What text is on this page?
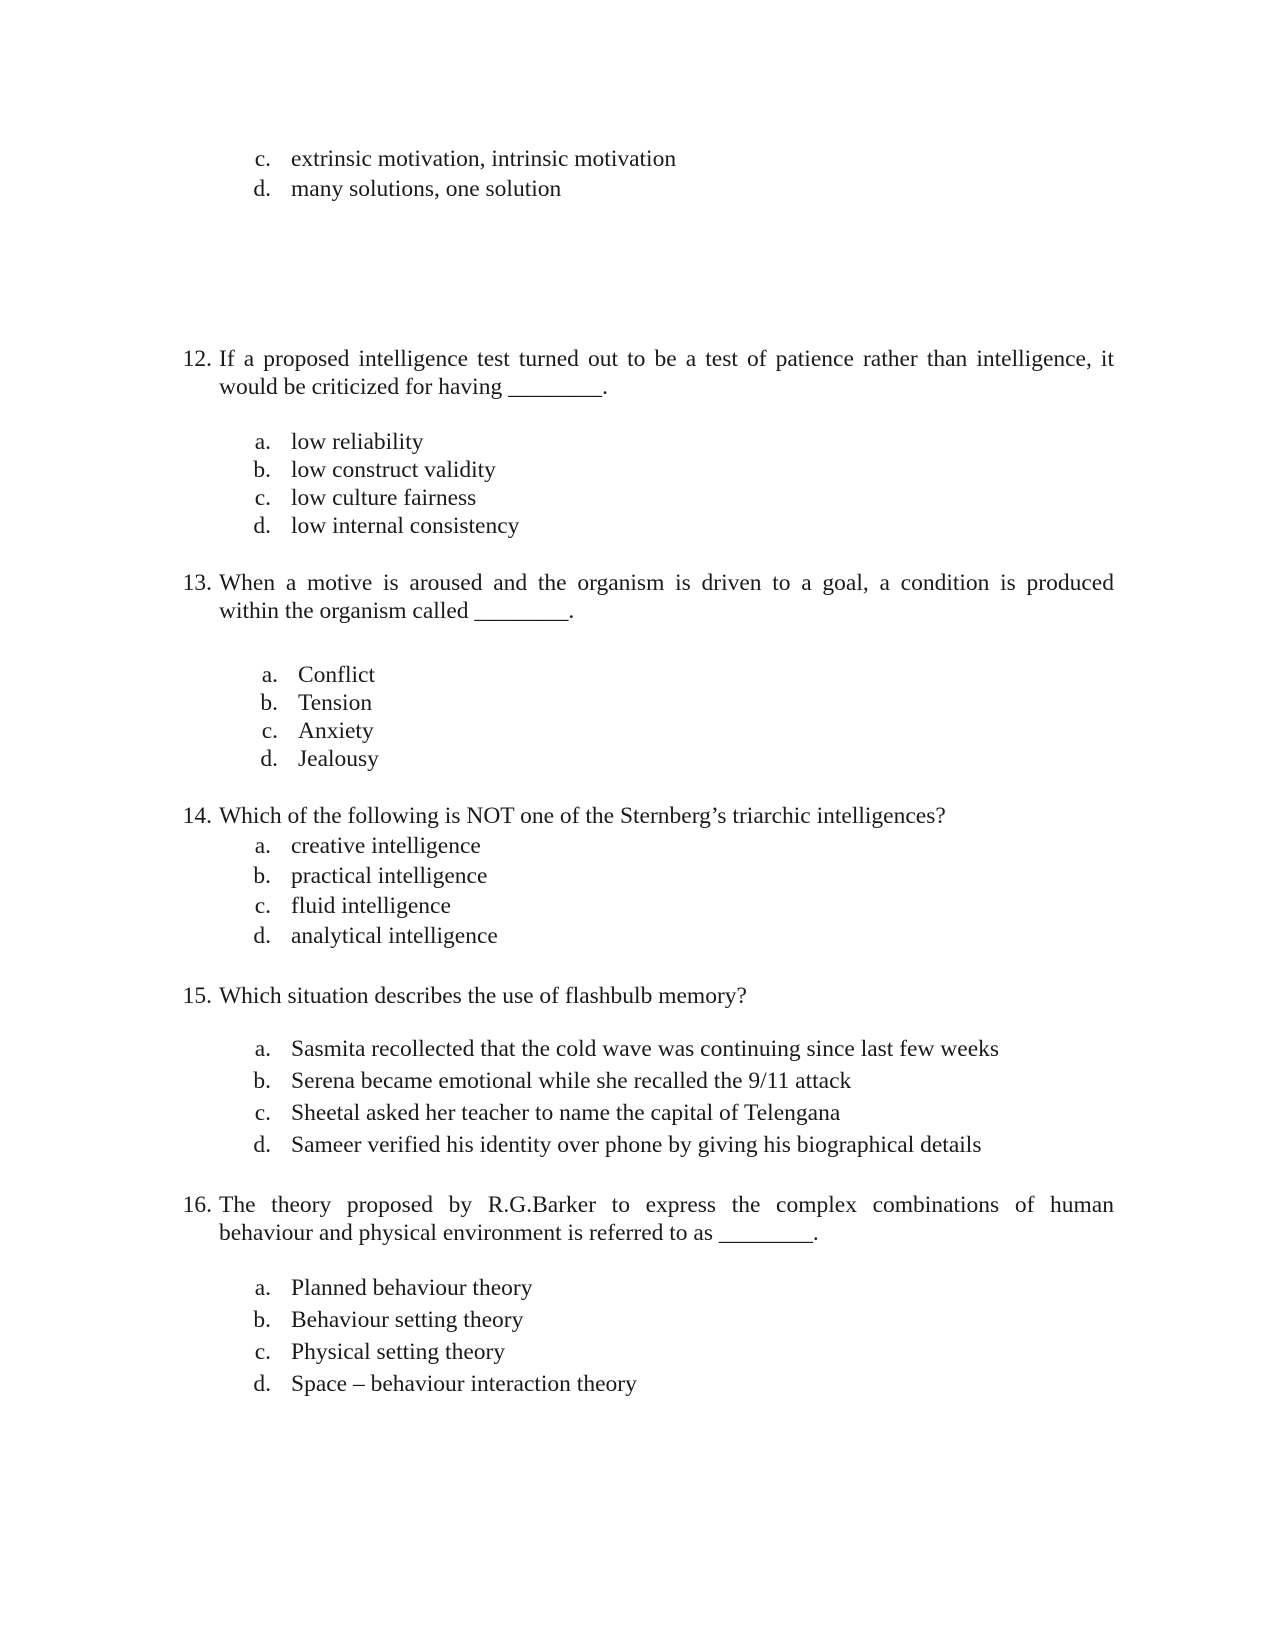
c. extrinsic motivation, intrinsic motivation
d. many solutions, one solution
12. If a proposed intelligence test turned out to be a test of patience rather than intelligence, it
would be criticized for having ________.
a. low reliability
b. low construct validity
c. low culture fairness
d. low internal consistency
13. When a motive is aroused and the organism is driven to a goal, a condition is produced
within the organism called ________.
a. Conflict
b. Tension
c. Anxiety
d. Jealousy
14. Which of the following is NOT one of the Sternberg’s triarchic intelligences?
a. creative intelligence
b. practical intelligence
c. fluid intelligence
d. analytical intelligence
15. Which situation describes the use of flashbulb memory?
a. Sasmita recollected that the cold wave was continuing since last few weeks
b. Serena became emotional while she recalled the 9/11 attack
c. Sheetal asked her teacher to name the capital of Telengana
d. Sameer verified his identity over phone by giving his biographical details
16. The theory proposed by R.G.Barker to express the complex combinations of human
behaviour and physical environment is referred to as ________.
a. Planned behaviour theory
b. Behaviour setting theory
c. Physical setting theory
d. Space – behaviour interaction theory
